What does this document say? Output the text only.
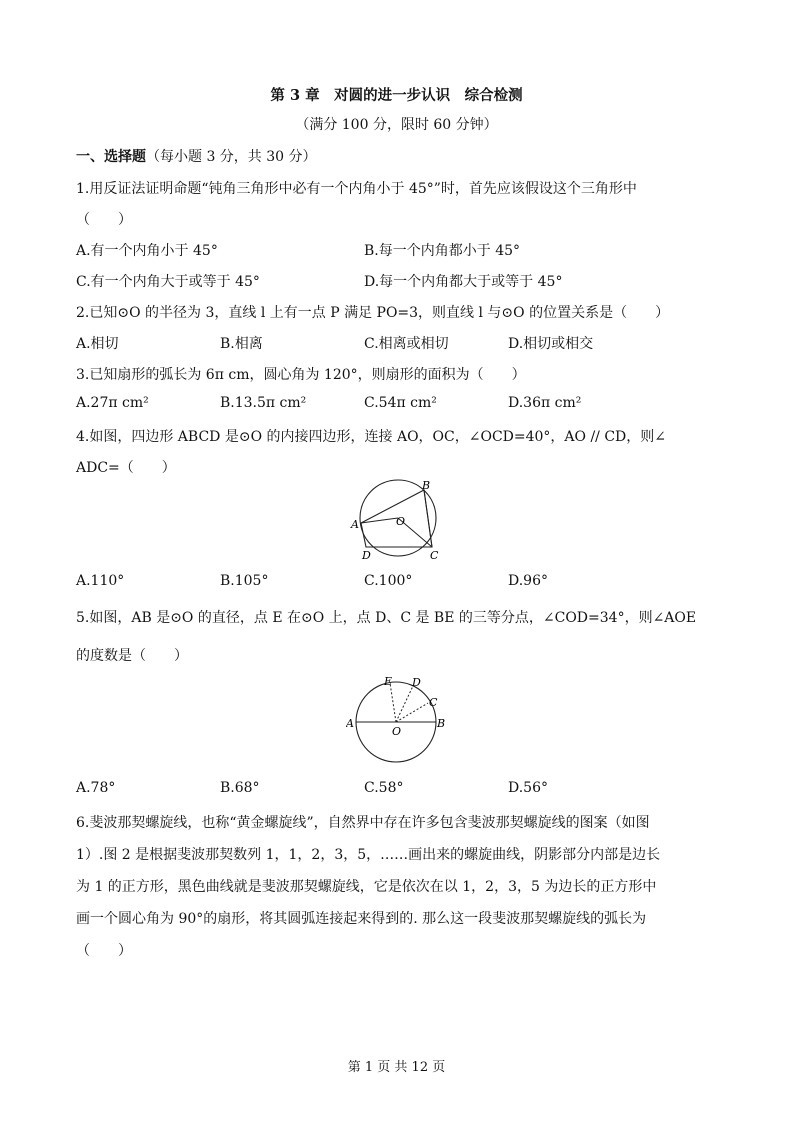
第 3 章　对圆的进一步认识　综合检测
（满分 100 分，限时 60 分钟）
一、选择题（每小题 3 分，共 30 分）
1.用反证法证明命题“钝角三角形中必有一个内角小于 45°”时，首先应该假设这个三角形中
（　　）
A.有一个内角小于 45°	B.每一个内角都小于 45°
C.有一个内角大于或等于 45°	D.每一个内角都大于或等于 45°
2.已知⊙O 的半径为 3，直线 l 上有一点 P 满足 PO=3，则直线 l 与⊙O 的位置关系是（　　）
A.相切	B.相离	C.相离或相切	D.相切或相交
3.已知扇形的弧长为 6π cm，圆心角为 120°，则扇形的面积为（　　）
A.27π cm²	B.13.5π cm²	C.54π cm²	D.36π cm²
4.如图，四边形 ABCD 是⊙O 的内接四边形，连接 AO，OC，∠OCD=40°，AO // CD，则∠
ADC=（　　）
A
B
C
D
O
A.110°	B.105°	C.100°	D.96°
5.如图，AB 是⊙O 的直径，点 E 在⊙O 上，点 D、C 是 BE 的三等分点，∠COD=34°，则∠AOE
的度数是（　　）
A	B
C
D
E
O
A.78°	B.68°	C.58°	D.56°
6.斐波那契螺旋线，也称“黄金螺旋线”，自然界中存在许多包含斐波那契螺旋线的图案（如图
1）.图 2 是根据斐波那契数列 1，1，2，3，5，……画出来的螺旋曲线，阴影部分内部是边长
为 1 的正方形，黑色曲线就是斐波那契螺旋线，它是依次在以 1，2，3，5 为边长的正方形中
画一个圆心角为 90°的扇形，将其圆弧连接起来得到的. 那么这一段斐波那契螺旋线的弧长为
（　　）
第 1 页 共 12 页
